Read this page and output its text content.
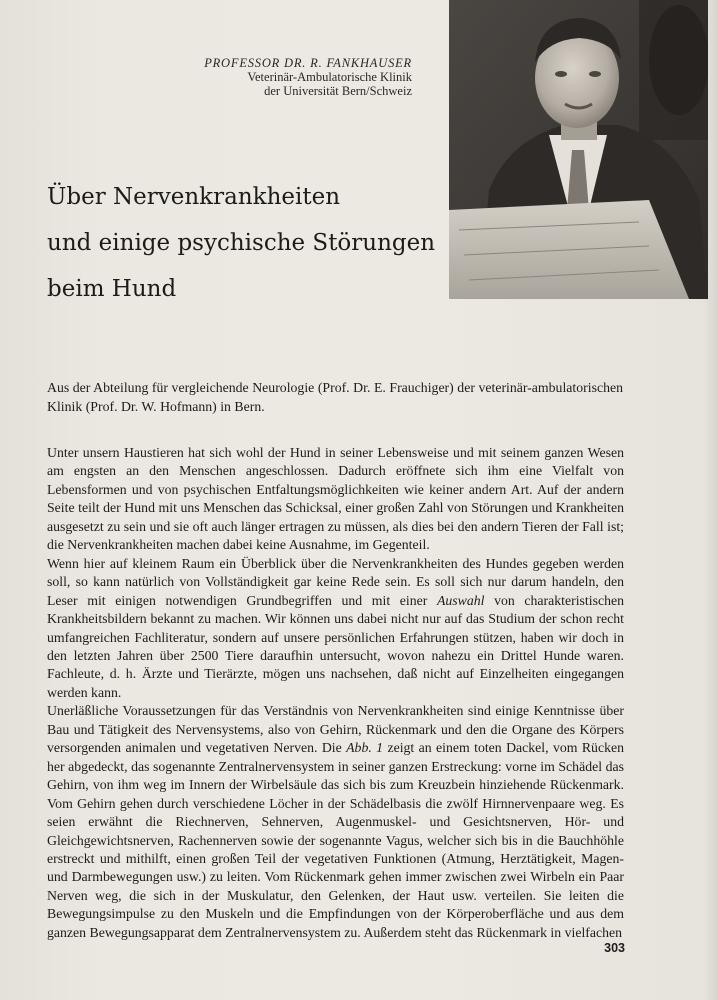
PROFESSOR DR. R. FANKHAUSER
Veterinär-Ambulatorische Klinik
der Universität Bern/Schweiz
Über Nervenkrankheiten
und einige psychische Störungen
beim Hund
Aus der Abteilung für vergleichende Neurologie (Prof. Dr. E. Frauchiger) der veterinär-ambulatorischen Klinik (Prof. Dr. W. Hofmann) in Bern.

Unter unsern Haustieren hat sich wohl der Hund in seiner Lebensweise und mit seinem ganzen Wesen am engsten an den Menschen angeschlossen. Dadurch eröffnete sich ihm eine Vielfalt von Lebensformen und von psychischen Entfaltungsmöglichkeiten wie keiner andern Art. Auf der andern Seite teilt der Hund mit uns Menschen das Schicksal, einer großen Zahl von Störungen und Krankheiten ausgesetzt zu sein und sie oft auch länger ertragen zu müssen, als dies bei den andern Tieren der Fall ist; die Nervenkrankheiten machen dabei keine Ausnahme, im Gegenteil.

Wenn hier auf kleinem Raum ein Überblick über die Nervenkrankheiten des Hundes gegeben werden soll, so kann natürlich von Vollständigkeit gar keine Rede sein. Es soll sich nur darum handeln, den Leser mit einigen notwendigen Grundbegriffen und mit einer Auswahl von charakteristischen Krankheitsbildern bekannt zu machen. Wir können uns dabei nicht nur auf das Studium der schon recht umfangreichen Fachliteratur, sondern auf unsere persönlichen Erfahrungen stützen, haben wir doch in den letzten Jahren über 2500 Tiere daraufhin untersucht, wovon nahezu ein Drittel Hunde waren. Fachleute, d. h. Ärzte und Tierärzte, mögen uns nachsehen, daß nicht auf Einzelheiten eingegangen werden kann.

Unerläßliche Voraussetzungen für das Verständnis von Nervenkrankheiten sind einige Kenntnisse über Bau und Tätigkeit des Nervensystems, also von Gehirn, Rückenmark und den die Organe des Körpers versorgenden animalen und vegetativen Nerven. Die Abb. 1 zeigt an einem toten Dackel, vom Rücken her abgedeckt, das sogenannte Zentralnervensystem in seiner ganzen Erstreckung: vorne im Schädel das Gehirn, von ihm weg im Innern der Wirbelsäule das sich bis zum Kreuzbein hinziehende Rückenmark. Vom Gehirn gehen durch verschiedene Löcher in der Schädelbasis die zwölf Hirnnervenpaare weg. Es seien erwähnt die Riechnerven, Sehnerven, Augenmuskel- und Gesichtsnerven, Hör- und Gleichgewichtsnerven, Rachennerven sowie der sogenannte Vagus, welcher sich bis in die Bauchhöhle erstreckt und mithilft, einen großen Teil der vegetativen Funktionen (Atmung, Herztätigkeit, Magen- und Darmbewegungen usw.) zu leiten. Vom Rückenmark gehen immer zwischen zwei Wirbeln ein Paar Nerven weg, die sich in der Muskulatur, den Gelenken, der Haut usw. verteilen. Sie leiten die Bewegungsimpulse zu den Muskeln und die Empfindungen von der Körperoberfläche und aus dem ganzen Bewegungsapparat dem Zentralnervensystem zu. Außerdem steht das Rückenmark in vielfachen

303
